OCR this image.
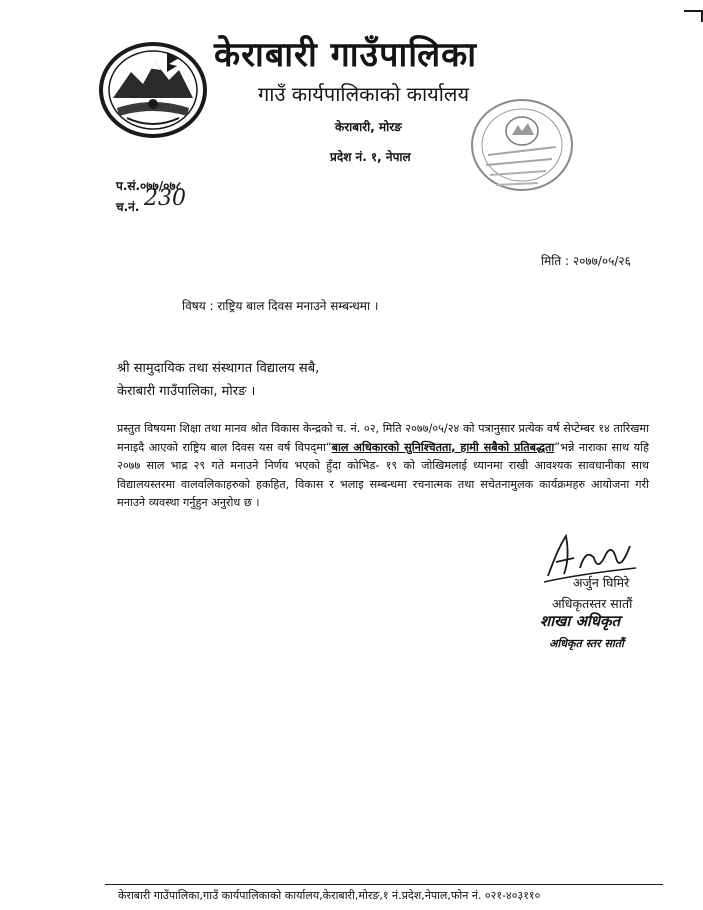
केराबारी गाउँपालिका
गाउँ कार्यपालिकाको कार्यालय
केराबारी, मोरङ
प्रदेश नं. १, नेपाल
प.सं.०७७/०७८
च.नं. 230
मिति : २०७७/०५/२६
विषय : राष्ट्रिय बाल दिवस मनाउने सम्बन्धमा ।
श्री सामुदायिक तथा संस्थागत विद्यालय सबै,
केराबारी गाउँपालिका, मोरङ ।
प्रस्तुत विषयमा शिक्षा तथा मानव श्रोत विकास केन्द्रको च. नं. ०२, मिति २०७७/०५/२४ को पत्रानुसार प्रत्येक वर्ष सेप्टेम्बर १४ तारिखमा मनाइदै आएको राष्ट्रिय बाल दिवस यस वर्ष विपद्‌मा“बाल अधिकारको सुनिश्चितता, हामी सबैको प्रतिबद्धता”भन्ने नाराका साथ यहि २०७७ साल भाद्र २९ गते मनाउने निर्णय भएको हुँदा कोभिड- १९ को जोखिमलाई ध्यानमा राखी आवश्यक सावधानीका साथ विद्यालयस्तरमा वालवलिकाहरुको हकहित, विकास र भलाइ सम्बन्धमा रचनात्मक तथा सचेतनामुलक कार्यक्रमहरु आयोजना गरी मनाउने व्यवस्था गर्नुहुन अनुरोध छ ।
अर्जुन घिमिरे
अधिकृतस्तर सातौं
शाखा अधिकृत
अधिकृत स्तर सातौं
केराबारी गाउँपालिका,गाउँ कार्यपालिकाको कार्यालय,केराबारी,मोरङ,१ नं.प्रदेश,नेपाल,फोन नं. ०२१-४०३११०
